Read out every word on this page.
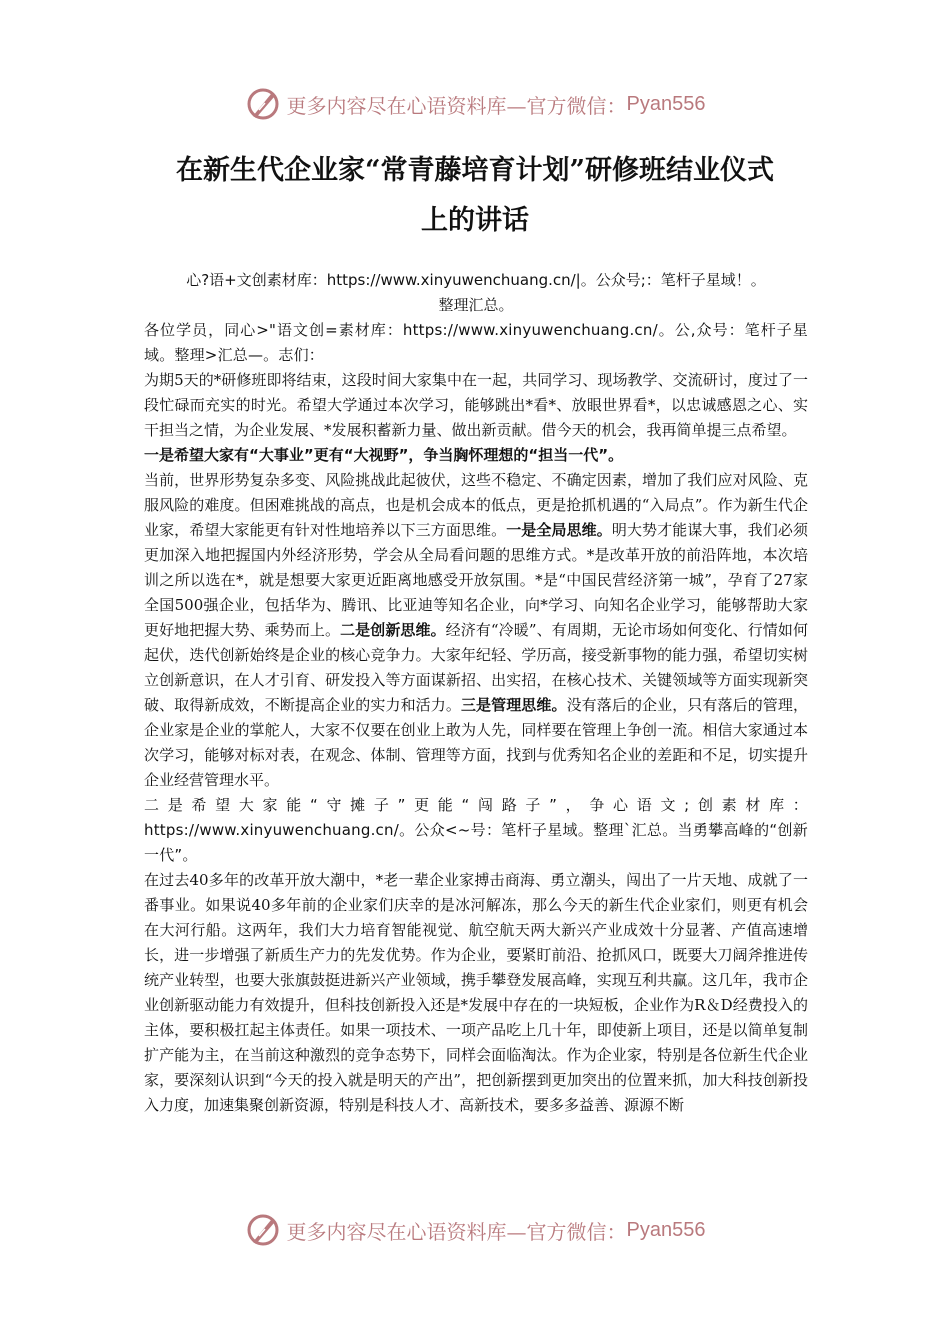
更多内容尽在心语资料库—官方微信： Pyan556
在新生代企业家“常青藤培育计划”研修班结业仪式
上的讲话
心?语+文创素材库：https://www.xinyuwenchuang.cn/|。公众号;：笔杆子星域！。
整理汇总。

各位学员，同心>"语文创=素材库：https://www.xinyuwenchuang.cn/。公,众号：笔杆子星域。整理>汇总—。志们：

为期5天的*研修班即将结束，这段时间大家集中在一起，共同学习、现场教学、交流研讨，度过了一段忙碌而充实的时光。希望大学通过本次学习，能够跳出*看*、放眼世界看*，以忠诚感恩之心、实干担当之情，为企业发展、*发展积蓄新力量、做出新贡献。借今天的机会，我再简单提三点希望。

一是希望大家有“大事业”更有“大视野”，争当胸怀理想的“担当一代”。

当前，世界形势复杂多变、风险挑战此起彼伏，这些不稳定、不确定因素，增加了我们应对风险、克服风险的难度。但困难挑战的高点，也是机会成本的低点，更是抢抓机遇的“入局点”。作为新生代企业家，希望大家能更有针对性地培养以下三方面思维。一是全局思维。明大势才能谋大事，我们必须更加深入地把握国内外经济形势，学会从全局看问题的思维方式。*是改革开放的前沿阵地，本次培训之所以选在*，就是想要大家更近距离地感受开放氛围。*是“中国民营经济第一城”，孕育了27家全国500强企业，包括华为、腾讯、比亚迪等知名企业，向*学习、向知名企业学习，能够帮助大家更好地把握大势、乘势而上。二是创新思维。经济有“冷暖”、有周期，无论市场如何变化、行情如何起伏，迭代创新始终是企业的核心竞争力。大家年纪轻、学历高，接受新事物的能力强，希望切实树立创新意识，在人才引育、研发投入等方面谋新招、出实招，在核心技术、关键领域等方面实现新突破、取得新成效，不断提高企业的实力和活力。三是管理思维。没有落后的企业，只有落后的管理，企业家是企业的掌舵人，大家不仅要在创业上敢为人先，同样要在管理上争创一流。相信大家通过本次学习，能够对标对表，在观念、体制、管理等方面，找到与优秀知名企业的差距和不足，切实提升企业经营管理水平。

二是希望大家能“守摊子”更能“闯路子”，争心语文;创素材库：https://www.xinyuwenchuang.cn/。公众<~号：笔杆子星域。整理`汇总。当勇攀高峰的“创新一代”。

在过去40多年的改革开放大潮中，*老一辈企业家搏击商海、勇立潮头，闯出了一片天地、成就了一番事业。如果说40多年前的企业家们庆幸的是冰河解冻，那么今天的新生代企业家们，则更有机会在大河行船。这两年，我们大力培育智能视觉、航空航天两大新兴产业成效十分显著、产值高速增长，进一步增强了新质生产力的先发优势。作为企业，要紧盯前沿、抢抓风口，既要大刀阔斧推进传统产业转型，也要大张旗鼓挺进新兴产业领域，携手攀登发展高峰，实现互利共赢。这几年，我市企业创新驱动能力有效提升，但科技创新投入还是*发展中存在的一块短板，企业作为R＆D经费投入的主体，要积极扛起主体责任。如果一项技术、一项产品吃上几十年，即使新上项目，还是以简单复制扩产能为主，在当前这种激烈的竞争态势下，同样会面临淘汰。作为企业家，特别是各位新生代企业家，要深刻认识到“今天的投入就是明天的产出”，把创新摆到更加突出的位置来抓，加大科技创新投入力度，加速集聚创新资源，特别是科技人才、高新技术，要多多益善、源源不断

更多内容尽在心语资料库—官方微信： Pyan556
